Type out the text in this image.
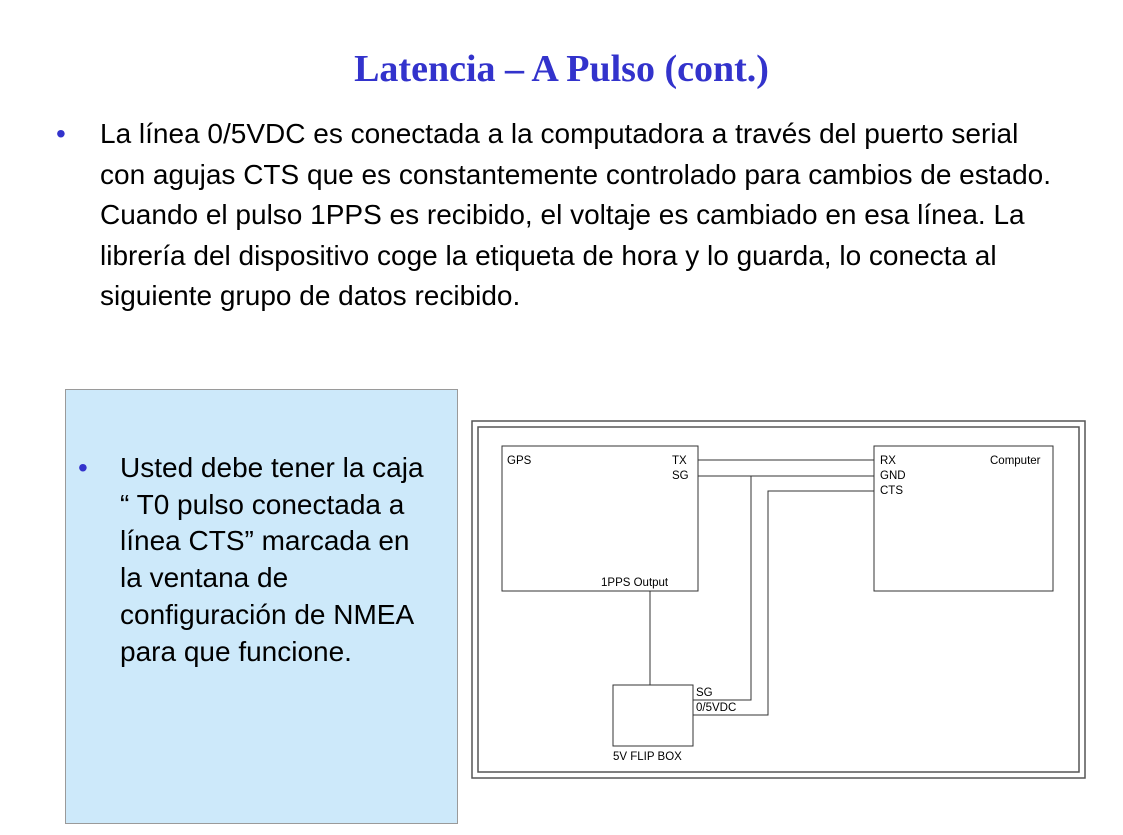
Latencia – A Pulso (cont.)
• La línea 0/5VDC es conectada a la computadora a través del puerto serial con agujas CTS que es constantemente controlado para cambios de estado. Cuando el pulso 1PPS es recibido, el voltaje es cambiado en esa línea. La librería del dispositivo coge la etiqueta de hora y lo guarda, lo conecta al siguiente grupo de datos recibido.
• Usted debe tener la caja “ T0 pulso conectada a línea CTS” marcada en la ventana de configuración de NMEA para que funcione.
GPS	TX
SG
1PPS Output
Computer
RX
GND
CTS
5V FLIP BOX
SG
0/5VDC
